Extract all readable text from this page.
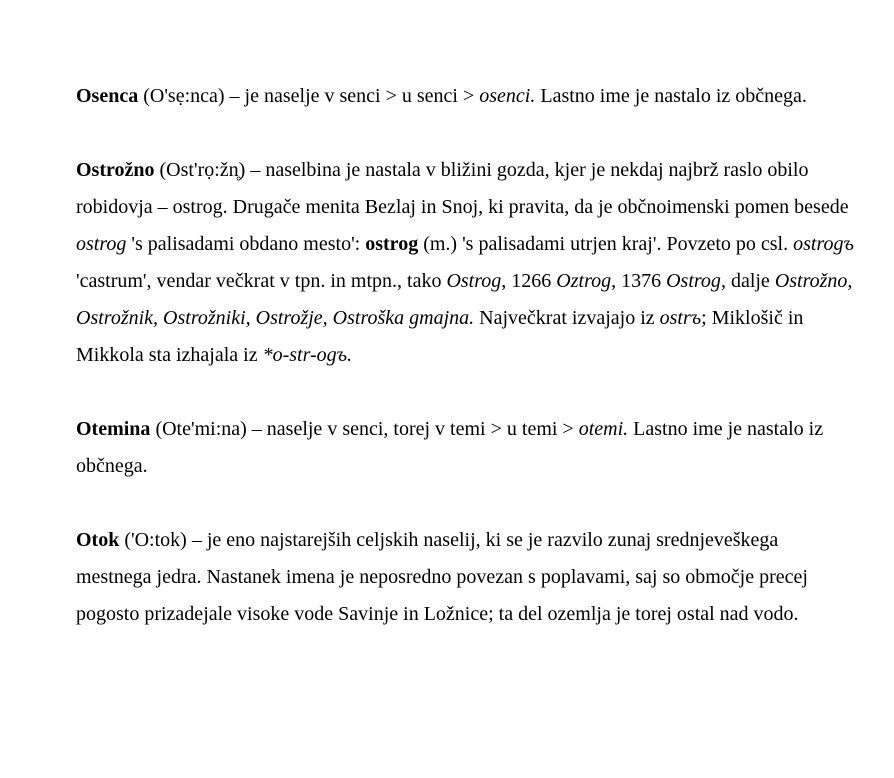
Osenca (O'sẹ:nca) – je naselje v senci > u senci > osenci. Lastno ime je nastalo iz občnega.

Ostrožno (Ost'rọ:žn̥) – naselbina je nastala v bližini gozda, kjer je nekdaj najbrž raslo obilo robidovja – ostrog. Drugače menita Bezlaj in Snoj, ki pravita, da je občnoimenski pomen besede ostrog 's palisadami obdano mesto': ostrog (m.) 's palisadami utrjen kraj'. Povzeto po csl. ostrogъ 'castrum', vendar večkrat v tpn. in mtpn., tako Ostrog, 1266 Oztrog, 1376 Ostrog, dalje Ostrožno, Ostrožnik, Ostrožniki, Ostrožje, Ostroška gmajna. Največkrat izvajajo iz ostrъ; Miklošič in Mikkola sta izhajala iz *o-str-ogъ.

Otemina (Ote'mi:na) – naselje v senci, torej v temi > u temi > otemi. Lastno ime je nastalo iz občnega.

Otok ('O:tok) – je eno najstarejših celjskih naselij, ki se je razvilo zunaj srednjeveškega mestnega jedra. Nastanek imena je neposredno povezan s poplavami, saj so območje precej pogosto prizadejale visoke vode Savinje in Ložnice; ta del ozemlja je torej ostal nad vodo.
